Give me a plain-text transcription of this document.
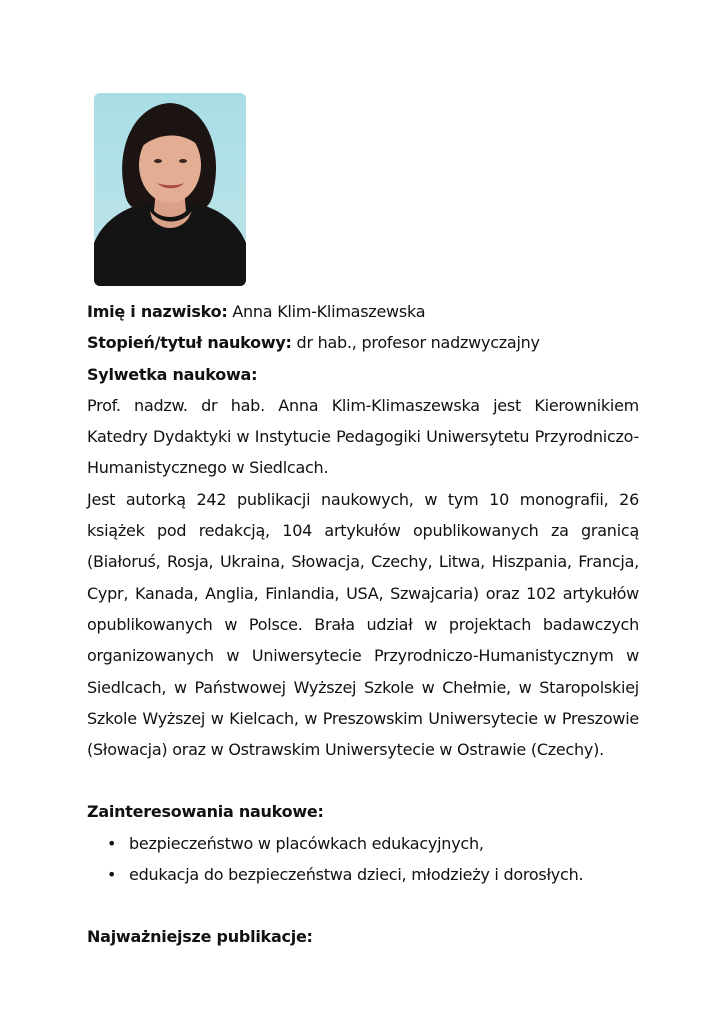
Imię i nazwisko: Anna Klim-Klimaszewska
Stopień/tytuł naukowy: dr hab., profesor nadzwyczajny
Sylwetka naukowa:

Prof. nadzw. dr hab. Anna Klim-Klimaszewska jest Kierownikiem Katedry Dydaktyki w Instytucie Pedagogiki Uniwersytetu Przyrodniczo-Humanistycznego w Siedlcach.

Jest autorką 242 publikacji naukowych, w tym 10 monografii, 26 książek pod redakcją, 104 artykułów opublikowanych za granicą (Białoruś, Rosja, Ukraina, Słowacja, Czechy, Litwa, Hiszpania, Francja, Cypr, Kanada, Anglia, Finlandia, USA, Szwajcaria) oraz 102 artykułów opublikowanych w Polsce. Brała udział w projektach badawczych organizowanych w Uniwersytecie Przyrodniczo-Humanistycznym w Siedlcach, w Państwowej Wyższej Szkole w Chełmie, w Staropolskiej Szkole Wyższej w Kielcach, w Preszowskim Uniwersytecie w Preszowie (Słowacja) oraz w Ostrawskim Uniwersytecie w Ostrawie (Czechy).

Zainteresowania naukowe:
• bezpieczeństwo w placówkach edukacyjnych,
• edukacja do bezpieczeństwa dzieci, młodzieży i dorosłych.
Najważniejsze publikacje:
